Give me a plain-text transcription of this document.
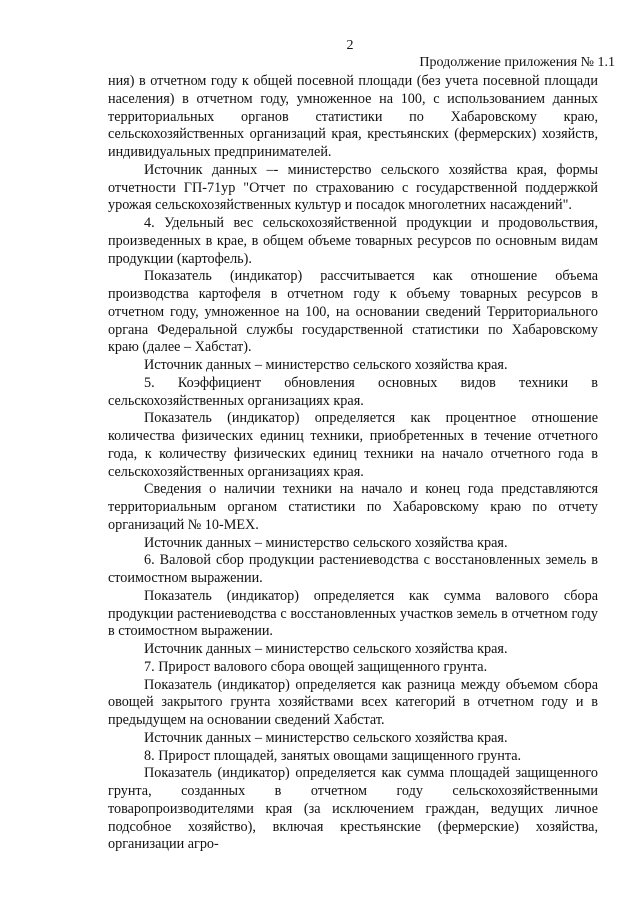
2
Продолжение приложения № 1.1

ния) в отчетном году к общей посевной площади (без учета посевной площади населения) в отчетном году, умноженное на 100, с использованием данных территориальных органов статистики по Хабаровскому краю, сельскохозяйственных организаций края, крестьянских (фермерских) хозяйств, индивидуальных предпринимателей.

Источник данных –- министерство сельского хозяйства края, формы отчетности ГП-71ур "Отчет по страхованию с государственной поддержкой урожая сельскохозяйственных культур и посадок многолетних насаждений".

4. Удельный вес сельскохозяйственной продукции и продовольствия, произведенных в крае, в общем объеме товарных ресурсов по основным видам продукции (картофель).

Показатель (индикатор) рассчитывается как отношение объема производства картофеля в отчетном году к объему товарных ресурсов в отчетном году, умноженное на 100, на основании сведений Территориального органа Федеральной службы государственной статистики по Хабаровскому краю (далее – Хабстат).

Источник данных – министерство сельского хозяйства края.

5. Коэффициент обновления основных видов техники в сельскохозяйственных организациях края.

Показатель (индикатор) определяется как процентное отношение количества физических единиц техники, приобретенных в течение отчетного года, к количеству физических единиц техники на начало отчетного года в сельскохозяйственных организациях края.

Сведения о наличии техники на начало и конец года представляются территориальным органом статистики по Хабаровскому краю по отчету организаций № 10-МЕХ.

Источник данных – министерство сельского хозяйства края.

6. Валовой сбор продукции растениеводства с восстановленных земель в стоимостном выражении.

Показатель (индикатор) определяется как сумма валового сбора продукции растениеводства с восстановленных участков земель в отчетном году в стоимостном выражении.

Источник данных – министерство сельского хозяйства края.

7. Прирост валового сбора овощей защищенного грунта.

Показатель (индикатор) определяется как разница между объемом сбора овощей закрытого грунта хозяйствами всех категорий в отчетном году и в предыдущем на основании сведений Хабстат.

Источник данных – министерство сельского хозяйства края.

8. Прирост площадей, занятых овощами защищенного грунта.

Показатель (индикатор) определяется как сумма площадей защищенного грунта, созданных в отчетном году сельскохозяйственными товаропроизводителями края (за исключением граждан, ведущих личное подсобное хозяйство), включая крестьянские (фермерские) хозяйства, организации агро-
